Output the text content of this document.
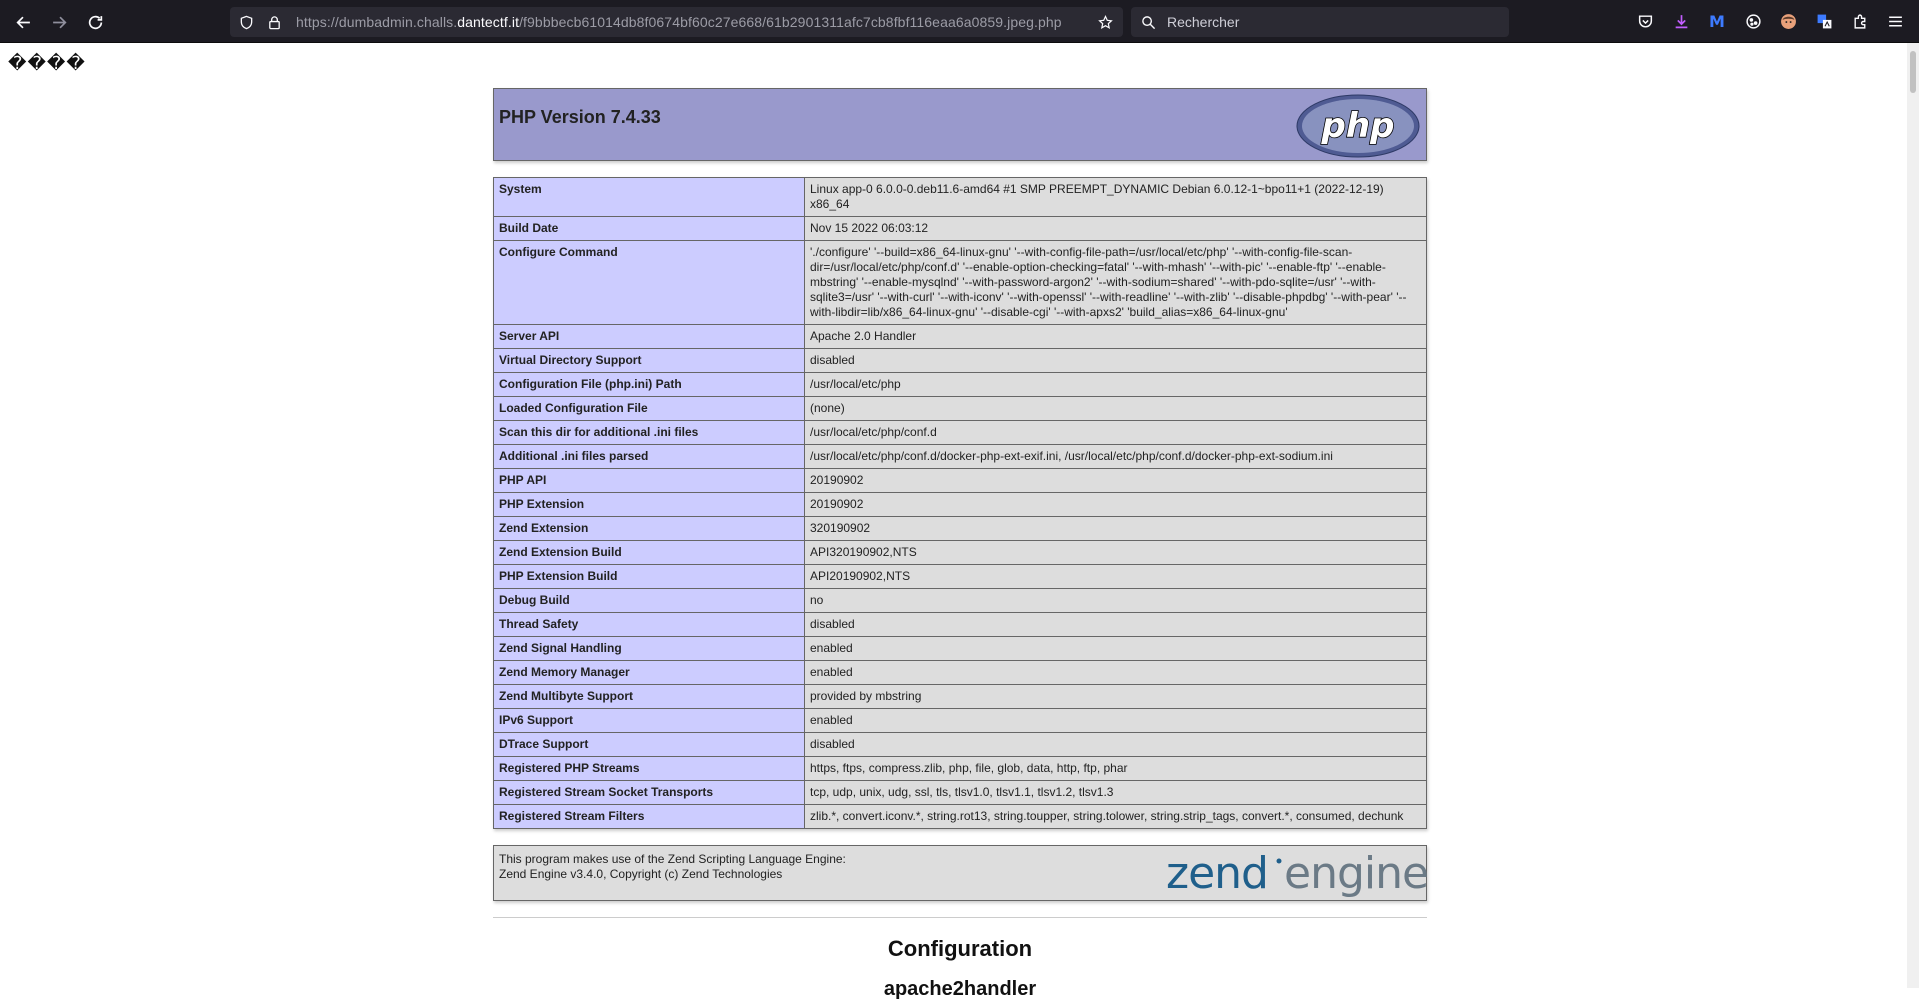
https://dumbadmin.challs.dantectf.it/f9bbbecb61014db8f0674bf60c27e668/61b2901311afc7cb8fbf116eaa6a0859.jpeg.php	Rechercher	M
����
PHP Version 7.4.33	php
System	Linux app-0 6.0.0-0.deb11.6-amd64 #1 SMP PREEMPT_DYNAMIC Debian 6.0.12-1~bpo11+1 (2022-12-19) x86_64
Build Date	Nov 15 2022 06:03:12
Configure Command	'./configure' '--build=x86_64-linux-gnu' '--with-config-file-path=/usr/local/etc/php' '--with-config-file-scan-dir=/usr/local/etc/php/conf.d' '--enable-option-checking=fatal' '--with-mhash' '--with-pic' '--enable-ftp' '--enable-mbstring' '--enable-mysqlnd' '--with-password-argon2' '--with-sodium=shared' '--with-pdo-sqlite=/usr' '--with-sqlite3=/usr' '--with-curl' '--with-iconv' '--with-openssl' '--with-readline' '--with-zlib' '--disable-phpdbg' '--with-pear' '--with-libdir=lib/x86_64-linux-gnu' '--disable-cgi' '--with-apxs2' 'build_alias=x86_64-linux-gnu'
Server API	Apache 2.0 Handler
Virtual Directory Support	disabled
Configuration File (php.ini) Path	/usr/local/etc/php
Loaded Configuration File	(none)
Scan this dir for additional .ini files	/usr/local/etc/php/conf.d
Additional .ini files parsed	/usr/local/etc/php/conf.d/docker-php-ext-exif.ini, /usr/local/etc/php/conf.d/docker-php-ext-sodium.ini
PHP API	20190902
PHP Extension	20190902
Zend Extension	320190902
Zend Extension Build	API320190902,NTS
PHP Extension Build	API20190902,NTS
Debug Build	no
Thread Safety	disabled
Zend Signal Handling	enabled
Zend Memory Manager	enabled
Zend Multibyte Support	provided by mbstring
IPv6 Support	enabled
DTrace Support	disabled
Registered PHP Streams	https, ftps, compress.zlib, php, file, glob, data, http, ftp, phar
Registered Stream Socket Transports	tcp, udp, unix, udg, ssl, tls, tlsv1.0, tlsv1.1, tlsv1.2, tlsv1.3
Registered Stream Filters	zlib.*, convert.iconv.*, string.rot13, string.toupper, string.tolower, string.strip_tags, convert.*, consumed, dechunk
This program makes use of the Zend Scripting Language Engine:
Zend Engine v3.4.0, Copyright (c) Zend Technologies	zend engine
Configuration
apache2handler
